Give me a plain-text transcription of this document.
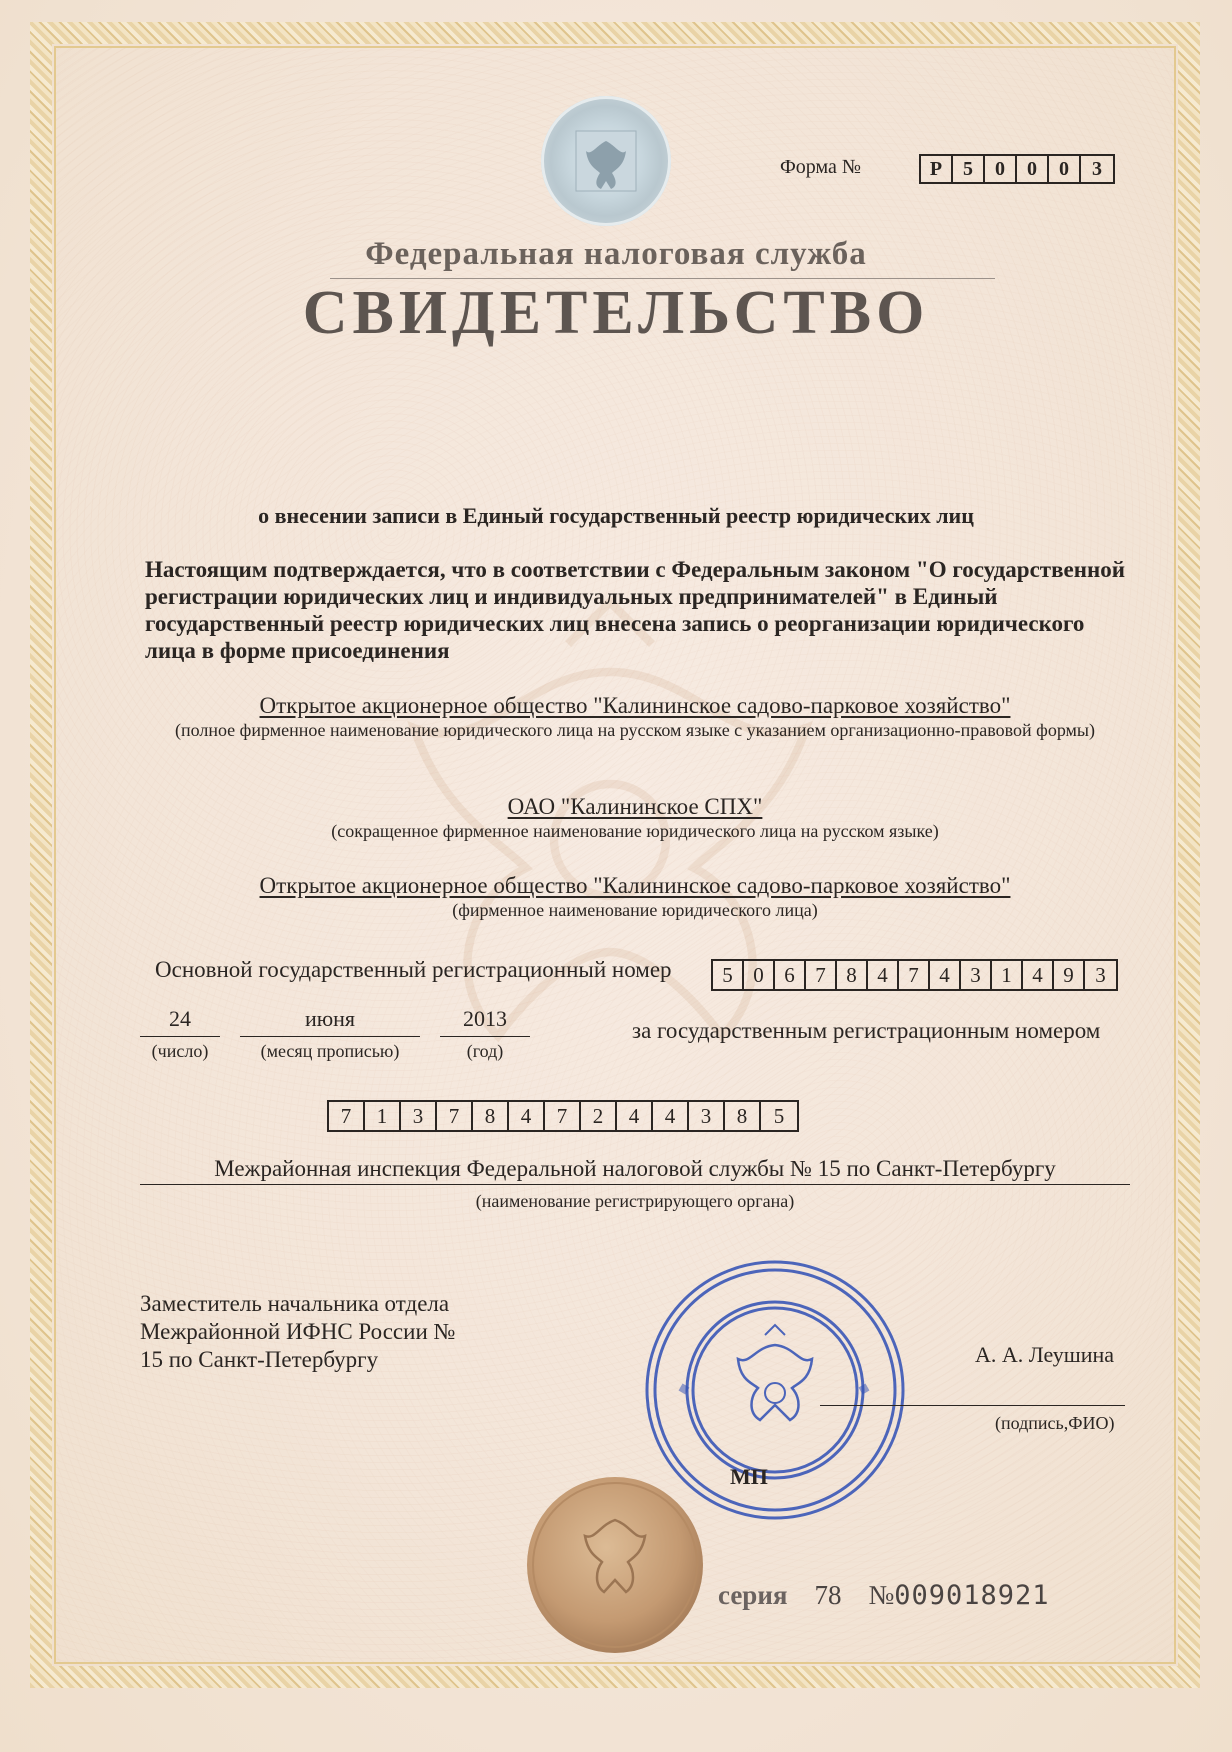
Форма №	Р	5	0	0	0	3
Федеральная налоговая служба
СВИДЕТЕЛЬСТВО
о внесении записи в Единый государственный реестр юридических лиц
Настоящим подтверждается, что в соответствии с Федеральным законом "О государственной регистрации юридических лиц и индивидуальных предпринимателей" в Единый государственный реестр юридических лиц внесена запись о реорганизации юридического лица в форме присоединения
Открытое акционерное общество "Калининское садово-парковое хозяйство"
(полное фирменное наименование юридического лица на русском языке с указанием организационно-правовой формы)
ОАО "Калининское СПХ"
(сокращенное фирменное наименование юридического лица на русском языке)
Открытое акционерное общество "Калининское садово-парковое хозяйство"
(фирменное наименование юридического лица)
Основной государственный регистрационный номер	5 0 6 7 8 4 7 4 3 1 4 9	3
24
(число)
июня
(месяц прописью)
2013
(год)
за государственным регистрационным номером
7	1	3	7	8	4	7	2	4	4	3	8	5
Межрайонная инспекция Федеральной налоговой службы № 15 по Санкт-Петербургу
(наименование регистрирующего органа)
Заместитель начальника отдела Межрайонной ИФНС России № 15 по Санкт-Петербургу
МП
А. А. Леушина
(подпись,ФИО)
серия 78 №009018921
